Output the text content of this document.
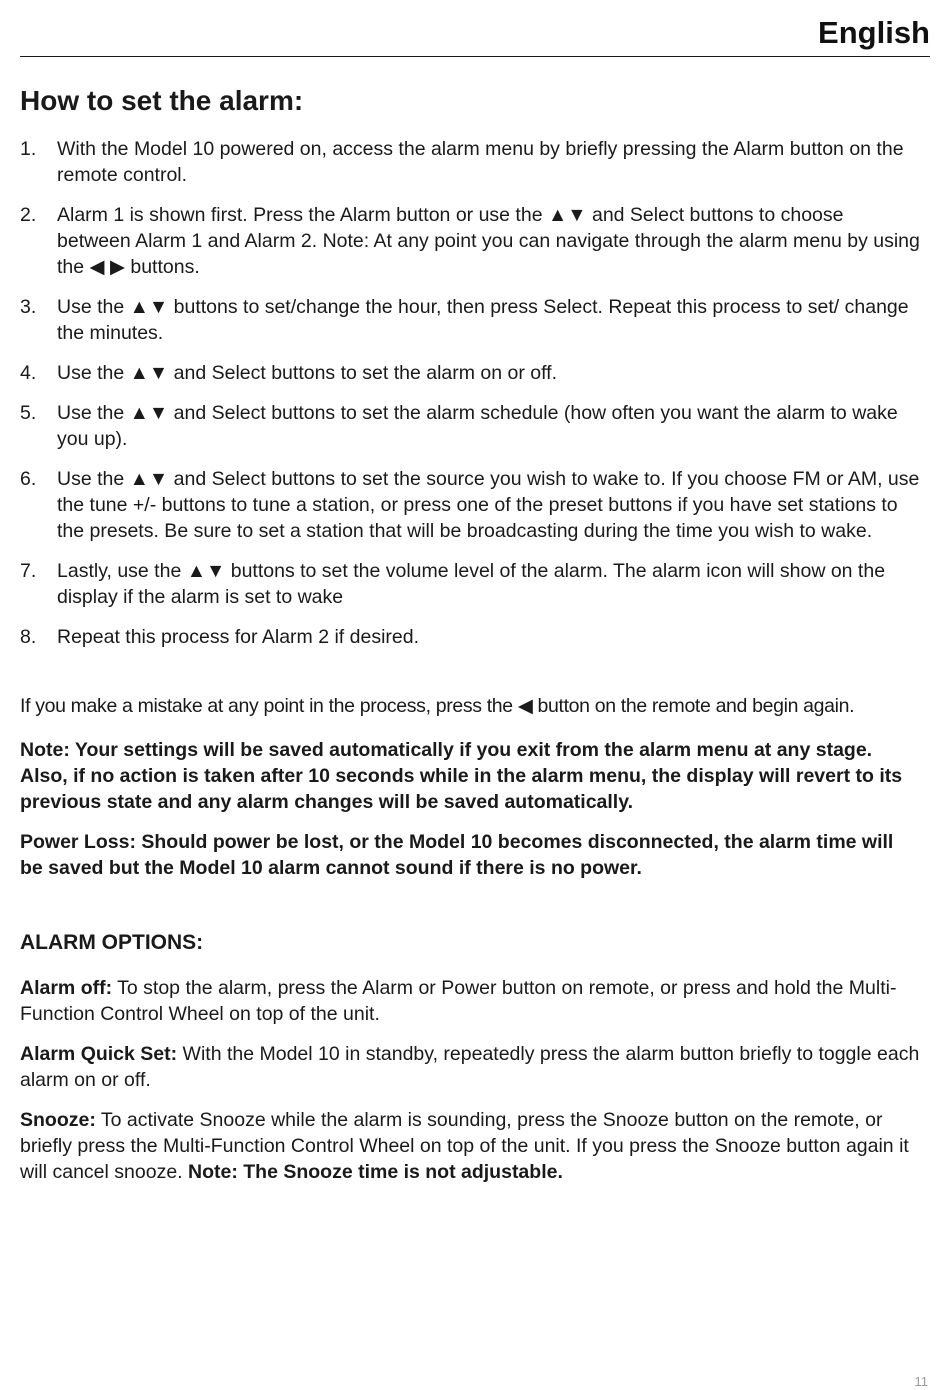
English
How to set the alarm:
1. With the Model 10 powered on, access the alarm menu by briefly pressing the Alarm button on the remote control.
2. Alarm 1 is shown first. Press the Alarm button or use the ▲▼ and Select buttons to choose between Alarm 1 and Alarm 2. Note: At any point you can navigate through the alarm menu by using the ◀ ▶ buttons.
3. Use the ▲▼ buttons to set/change the hour, then press Select. Repeat this process to set/ change the minutes.
4. Use the ▲▼ and Select buttons to set the alarm on or off.
5. Use the ▲▼ and Select buttons to set the alarm schedule (how often you want the alarm to wake you up).
6. Use the ▲▼ and Select buttons to set the source you wish to wake to. If you choose FM or AM, use the tune +/- buttons to tune a station, or press one of the preset buttons if you have set stations to the presets. Be sure to set a station that will be broadcasting during the time you wish to wake.
7. Lastly, use the ▲▼ buttons to set the volume level of the alarm. The alarm icon will show on the display if the alarm is set to wake
8. Repeat this process for Alarm 2 if desired.

If you make a mistake at any point in the process, press the ◀ button on the remote and begin again.

Note: Your settings will be saved automatically if you exit from the alarm menu at any stage. Also, if no action is taken after 10 seconds while in the alarm menu, the display will revert to its previous state and any alarm changes will be saved automatically.

Power Loss: Should power be lost, or the Model 10 becomes disconnected, the alarm time will be saved but the Model 10 alarm cannot sound if there is no power.

ALARM OPTIONS:

Alarm off: To stop the alarm, press the Alarm or Power button on remote, or press and hold the Multi-Function Control Wheel on top of the unit.

Alarm Quick Set: With the Model 10 in standby, repeatedly press the alarm button briefly to toggle each alarm on or off.

Snooze: To activate Snooze while the alarm is sounding, press the Snooze button on the remote, or briefly press the Multi-Function Control Wheel on top of the unit. If you press the Snooze button again it will cancel snooze. Note: The Snooze time is not adjustable.

11
